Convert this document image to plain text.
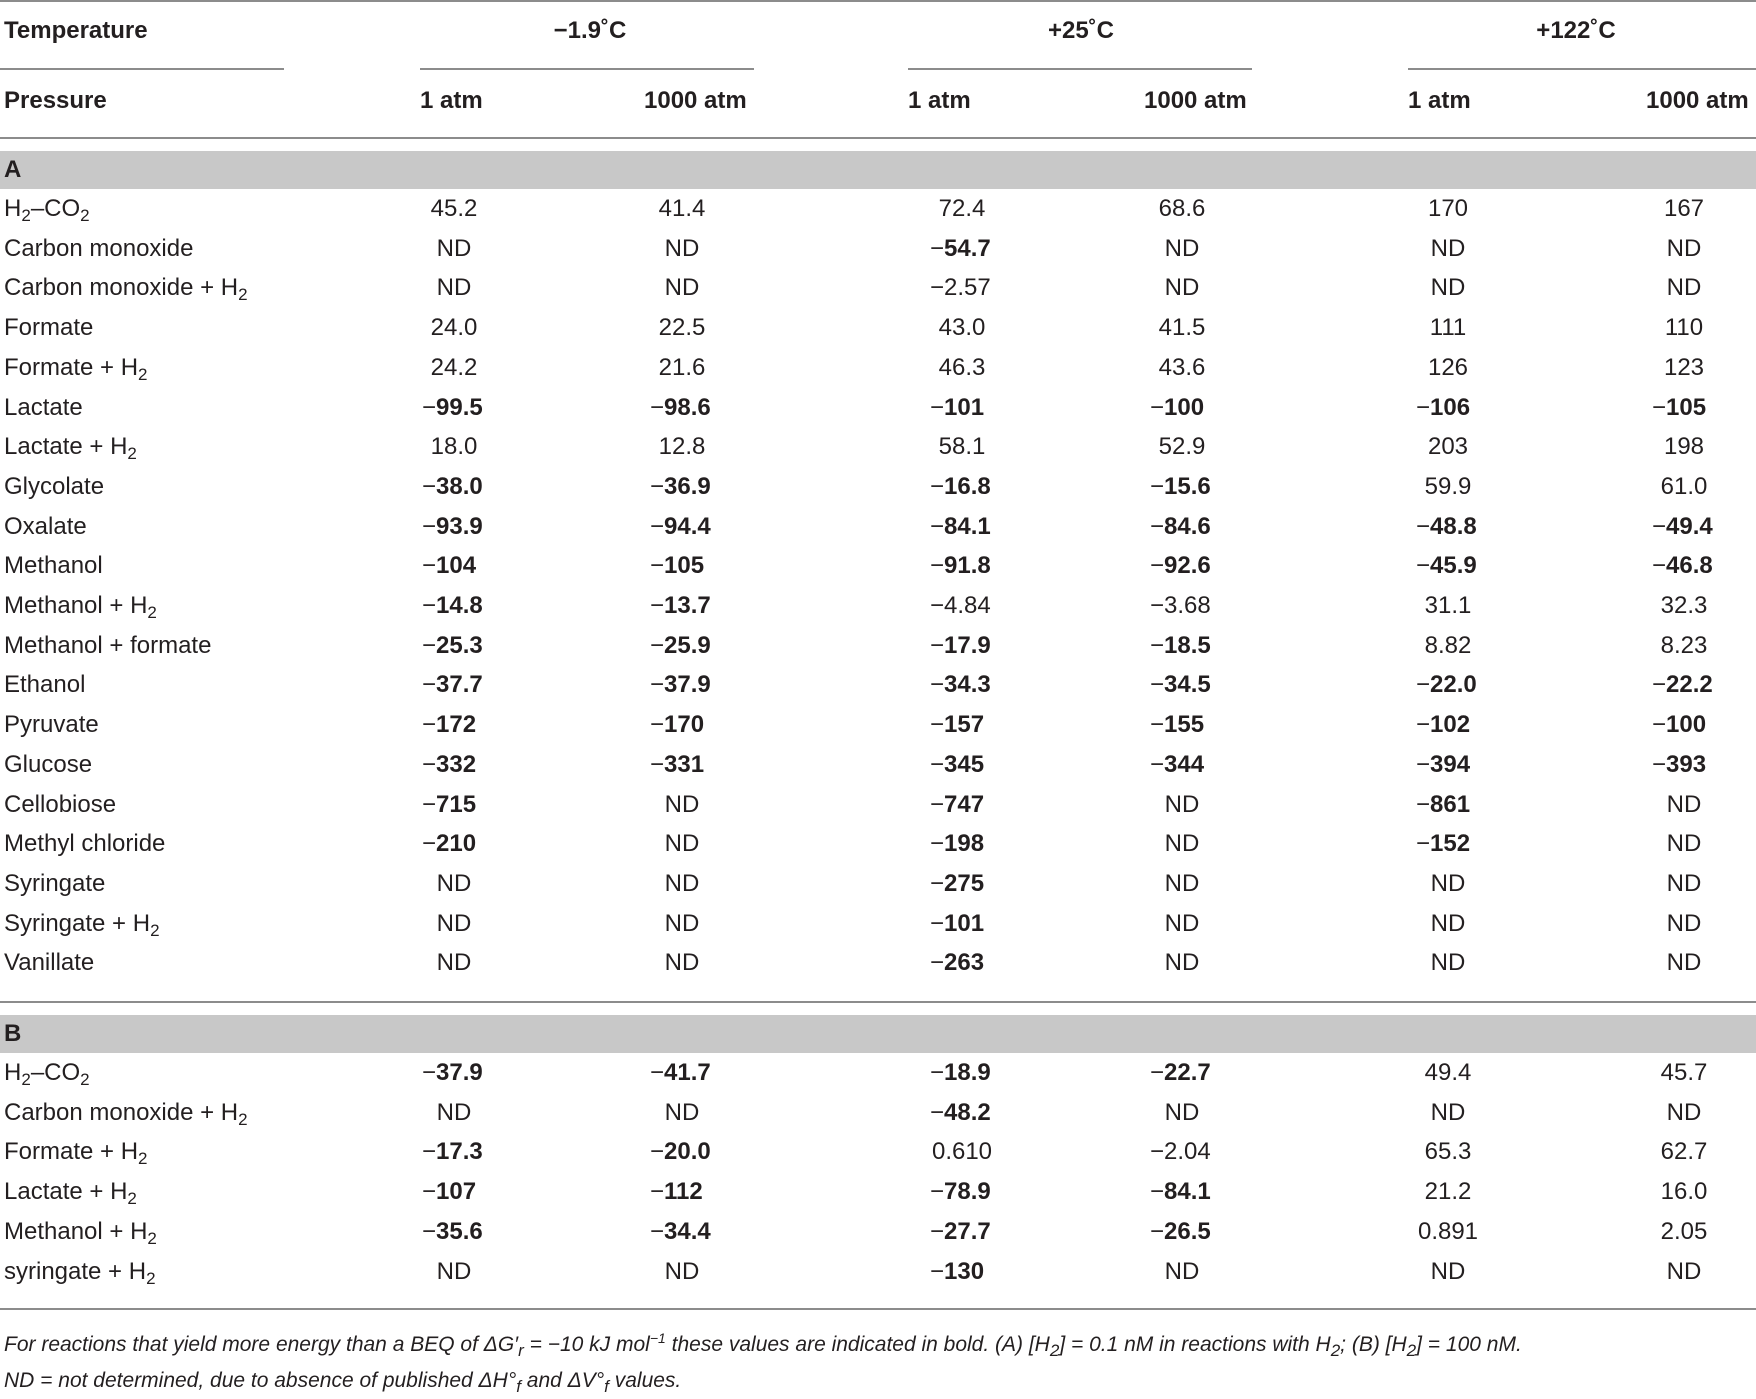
Temperature	−1.9˚C	+25˚C	+122˚C
Pressure	1 atm	1000 atm	1 atm	1000 atm	1 atm	1000 atm
A
$H_2-CO_2$	45.2	41.4	72.4	68.6	170	167
Carbon monoxide	ND	ND	−54.7	ND	ND	ND
Carbon monoxide + $H_2$	ND	ND	−2.57	ND	ND	ND
Formate	24.0	22.5	43.0	41.5	111	110
Formate + $H_2$	24.2	21.6	46.3	43.6	126	123
Lactate	−99.5	−98.6	−101	−100	−106	−105
Lactate + $H_2$	18.0	12.8	58.1	52.9	203	198
Glycolate	−38.0	−36.9	−16.8	−15.6	59.9	61.0
Oxalate	−93.9	−94.4	−84.1	−84.6	−48.8	−49.4
Methanol	−104	−105	−91.8	−92.6	−45.9	−46.8
Methanol + $H_2$	−14.8	−13.7	−4.84	−3.68	31.1	32.3
Methanol + formate	−25.3	−25.9	−17.9	−18.5	8.82	8.23
Ethanol	−37.7	−37.9	−34.3	−34.5	−22.0	−22.2
Pyruvate	−172	−170	−157	−155	−102	−100
Glucose	−332	−331	−345	−344	−394	−393
Cellobiose	−715	ND	−747	ND	−861	ND
Methyl chloride	−210	ND	−198	ND	−152	ND
Syringate	ND	ND	−275	ND	ND	ND
Syringate + $H_2$	ND	ND	−101	ND	ND	ND
Vanillate	ND	ND	−263	ND	ND	ND
B
$H_2-CO_2$	−37.9	−41.7	−18.9	−22.7	49.4	45.7
Carbon monoxide + $H_2$	ND	ND	−48.2	ND	ND	ND
Formate + $H_2$	−17.3	−20.0	0.610	−2.04	65.3	62.7
Lactate + $H_2$	−107	−112	−78.9	−84.1	21.2	16.0
Methanol + $H_2$	−35.6	−34.4	−27.7	−26.5	0.891	2.05
syringate + $H_2$	ND	ND	−130	ND	ND	ND
For reactions that yield more energy than a BEQ of $\Delta G'_r = -10$ kJ mol$^{-1}$ these values are indicated in bold. (A) $[H_2] = 0.1$ nM in reactions with $H_2$; (B) $[H_2] = 100$ nM.
ND = not determined, due to absence of published $\Delta H^\circ_f$ and $\Delta V^\circ_f$ values.
